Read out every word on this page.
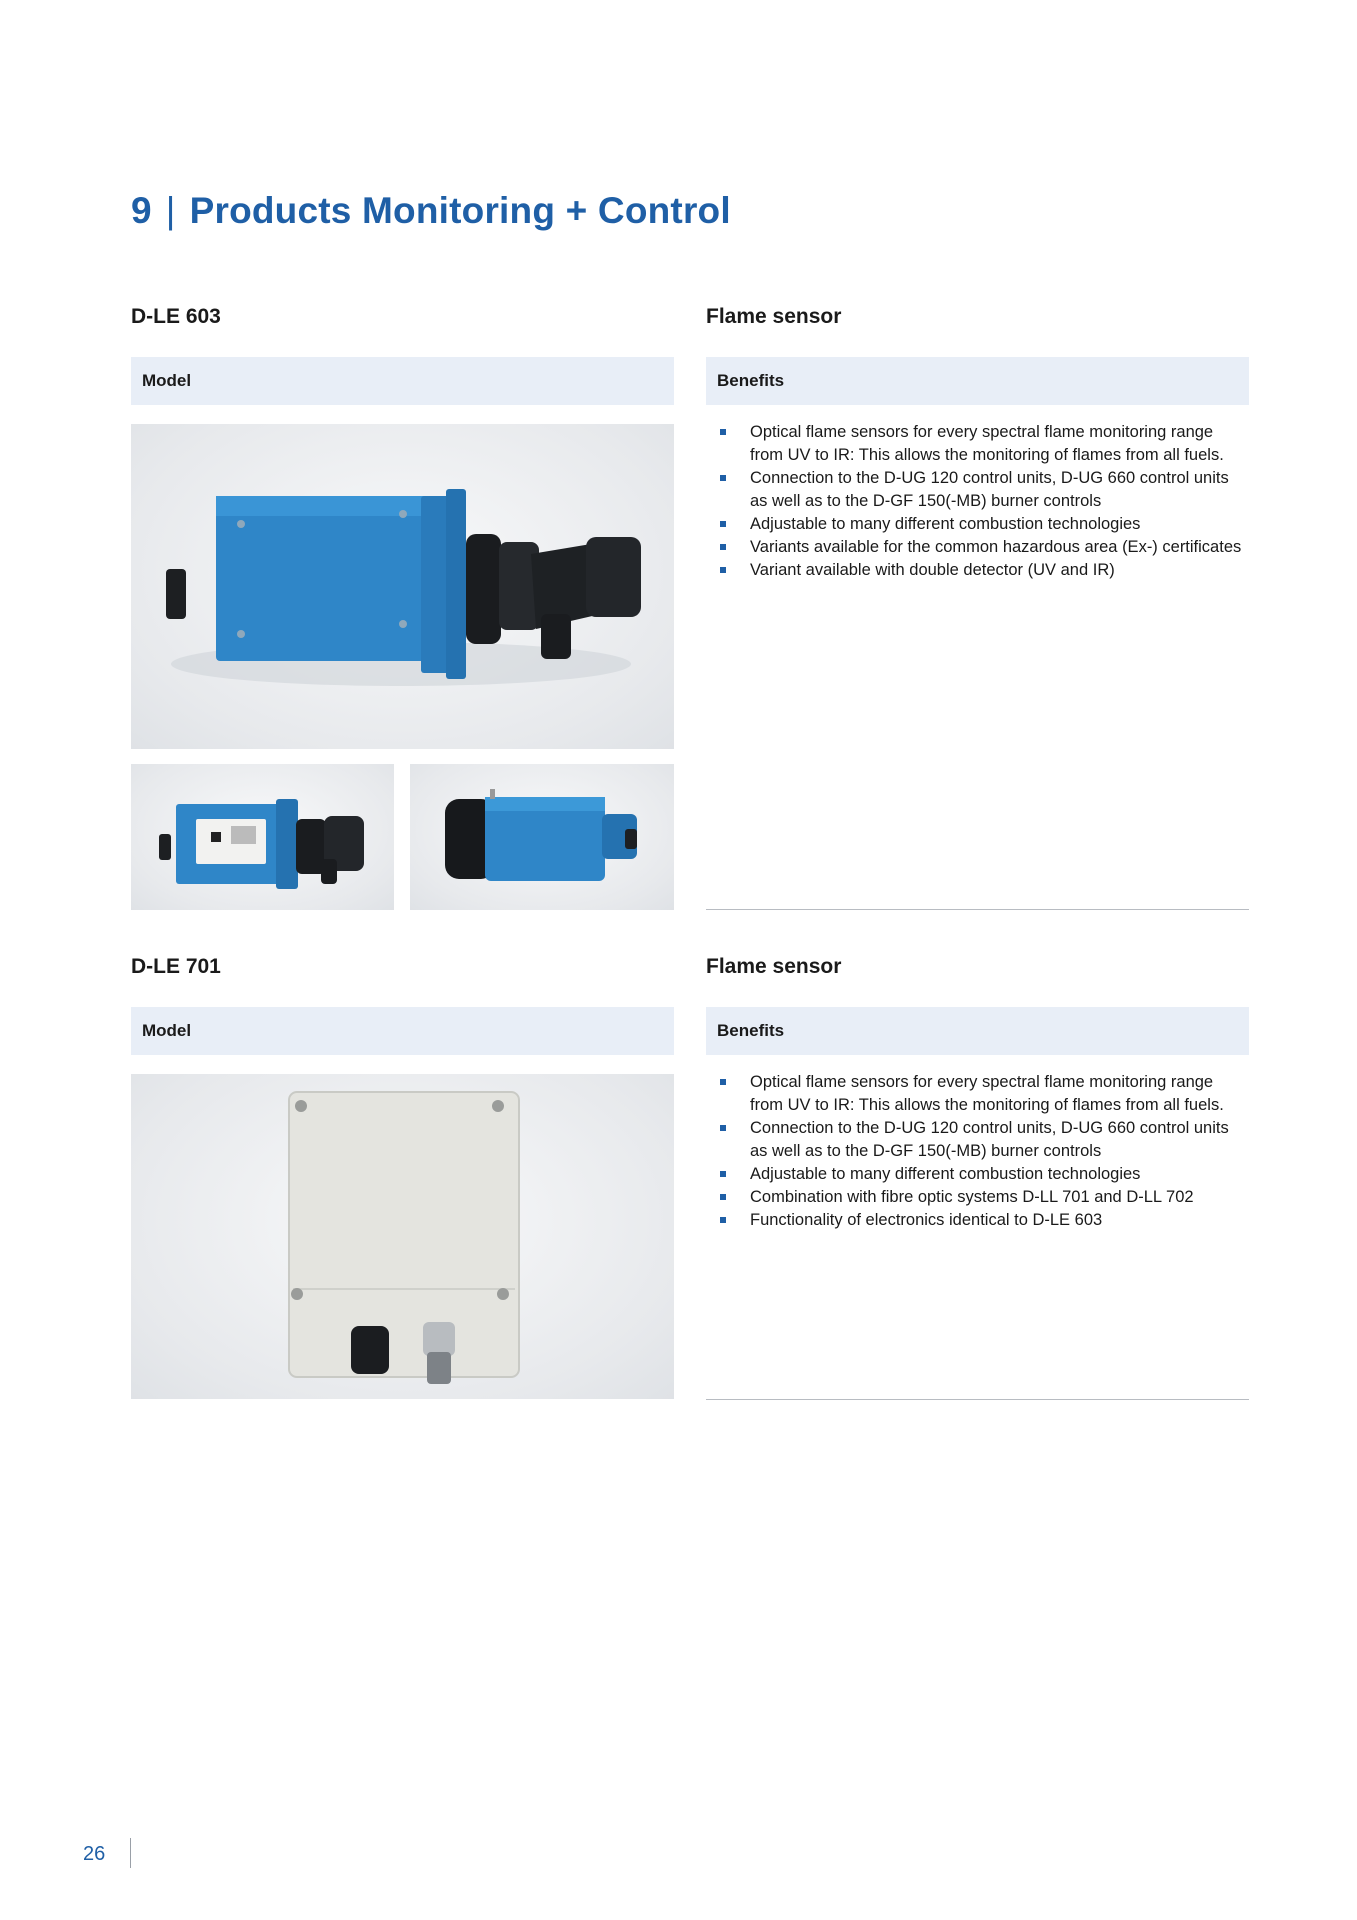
9 | Products Monitoring + Control
D-LE 603	Flame sensor
Model	Benefits
Optical flame sensors for every spectral flame monitoring range from UV to IR: This allows the monitoring of flames from all fuels.
Connection to the D-UG 120 control units, D-UG 660 control units as well as to the D-GF 150(-MB) burner controls
Adjustable to many different combustion technologies
Variants available for the common hazardous area (Ex-) certificates
Variant available with double detector (UV and IR)
D-LE 701	Flame sensor
Model	Benefits
Optical flame sensors for every spectral flame monitoring range from UV to IR: This allows the monitoring of flames from all fuels.
Connection to the D-UG 120 control units, D-UG 660 control units as well as to the D-GF 150(-MB) burner controls
Adjustable to many different combustion technologies
Combination with fibre optic systems D-LL 701 and D-LL 702
Functionality of electronics identical to D-LE 603
26
